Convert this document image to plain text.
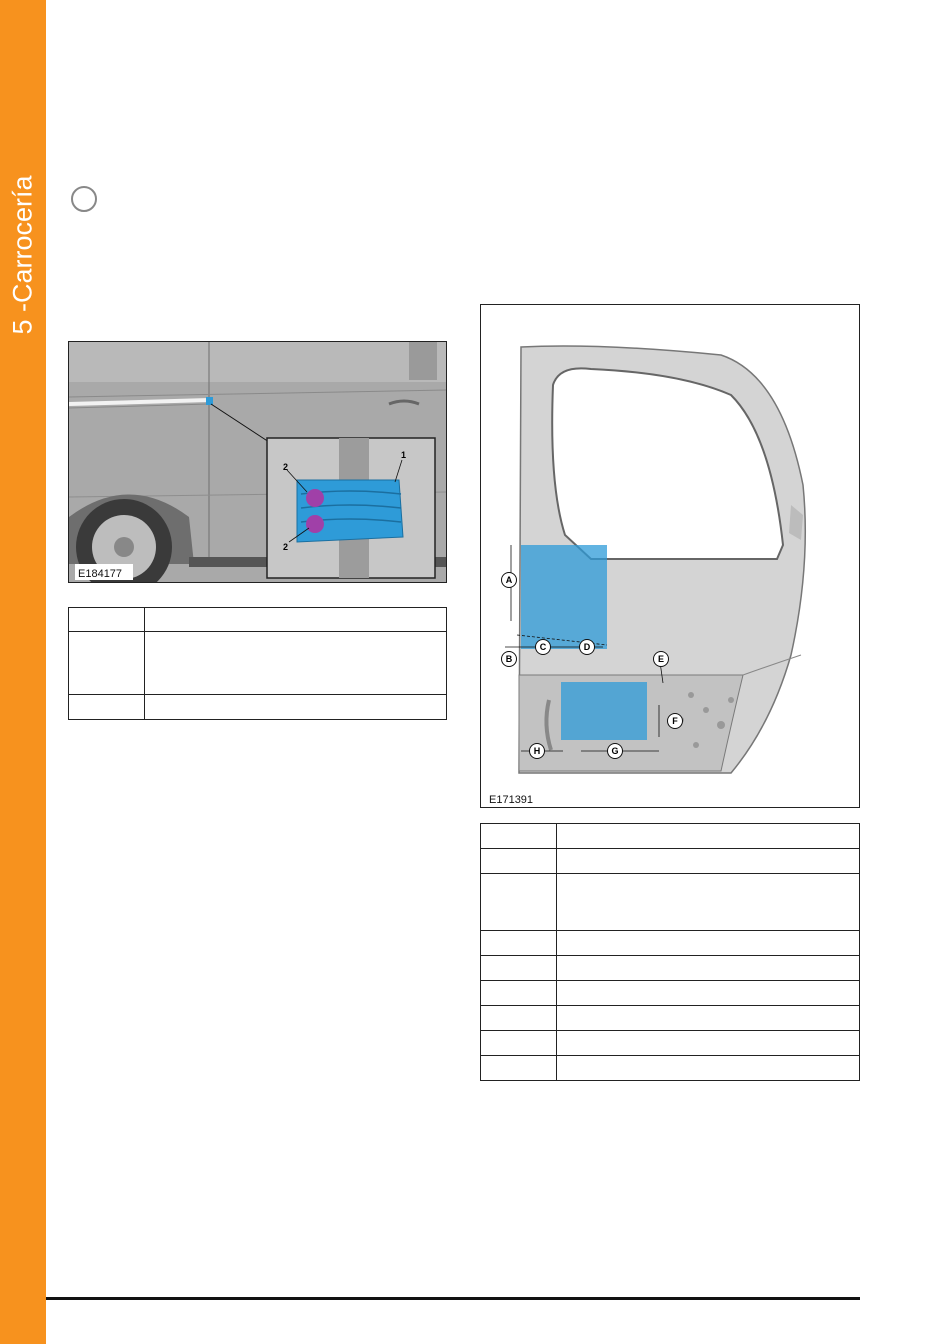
5 -Carrocería
2
2
1
E184177

		A
B
C	D
E
F
G
H
E171391
